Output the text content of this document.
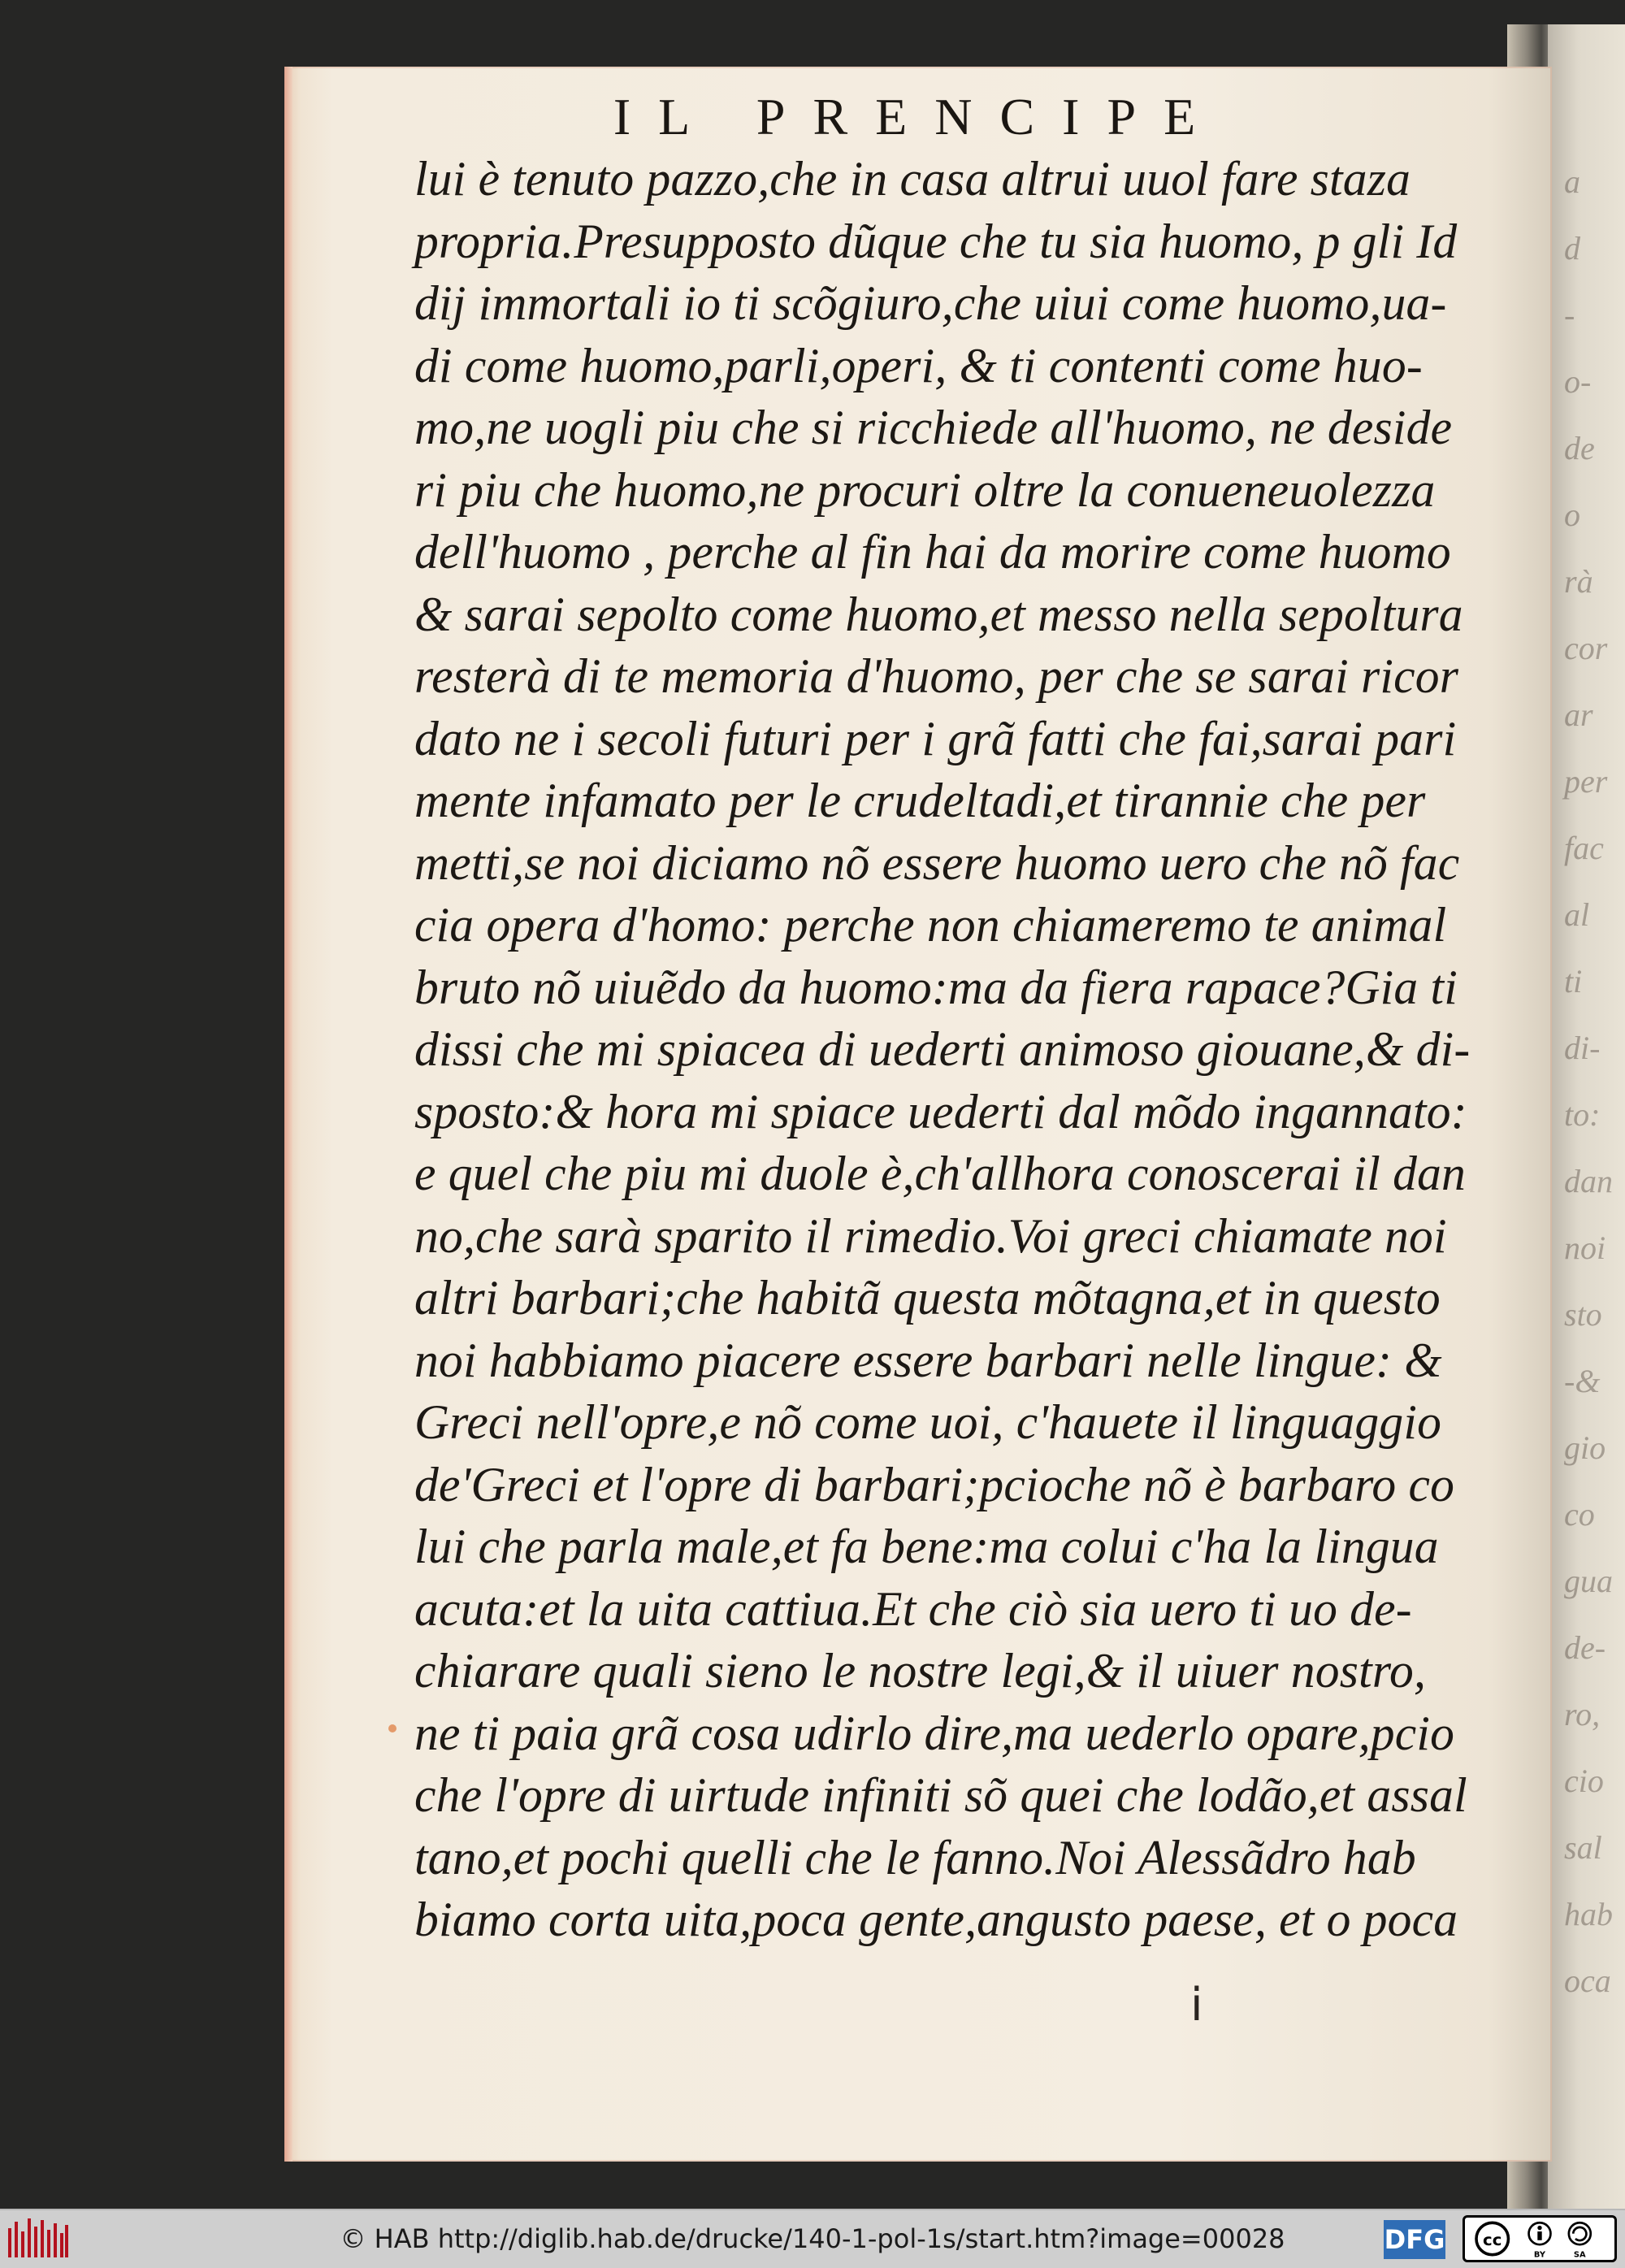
a
d
-
o-
de
o
rà
cor
ar
per
fac
al
ti
di-
to:
dan
noi
sto
-&
gio
co
gua
de-
ro,
cio
sal
hab
oca
IL PRENCIPE
lui è tenuto pazzo,che in casa altrui uuol fare staza
propria.Presupposto dũque che tu sia huomo, p gli Id
dij immortali io ti scõgiuro,che uiui come huomo,ua-
di come huomo,parli,operi, & ti contenti come huo-
mo,ne uogli piu che si ricchiede all'huomo, ne deside
ri piu che huomo,ne procuri oltre la conueneuolezza
dell'huomo , perche al fin hai da morire come huomo
& sarai sepolto come huomo,et messo nella sepoltura
resterà di te memoria d'huomo, per che se sarai ricor
dato ne i secoli futuri per i grã fatti che fai,sarai pari
mente infamato per le crudeltadi,et tirannie che per
metti,se noi diciamo nõ essere huomo uero che nõ fac
cia opera d'homo: perche non chiameremo te animal
bruto nõ uiuẽdo da huomo:ma da fiera rapace?Gia ti
dissi che mi spiacea di uederti animoso giouane,& di-
sposto:& hora mi spiace uederti dal mõdo ingannato:
e quel che piu mi duole è,ch'allhora conoscerai il dan
no,che sarà sparito il rimedio.Voi greci chiamate noi
altri barbari;che habitã questa mõtagna,et in questo
noi habbiamo piacere essere barbari nelle lingue: &
Greci nell'opre,e nõ come uoi, c'hauete il linguaggio
de'Greci et l'opre di barbari;pcioche nõ è barbaro co
lui che parla male,et fa bene:ma colui c'ha la lingua
acuta:et la uita cattiua.Et che ciò sia uero ti uo de-
chiarare quali sieno le nostre legi,& il uiuer nostro,
ne ti paia grã cosa udirlo dire,ma uederlo opare,pcio
che l'opre di uirtude infiniti sõ quei che lodão,et assal
tano,et pochi quelli che le fanno.Noi Alessãdro hab
biamo corta uita,poca gente,angusto paese, et o poca
ⅰ
© HAB http://diglib.hab.de/drucke/140-1-pol-1s/start.htm?image=00028	DFG cc
BY	SA
